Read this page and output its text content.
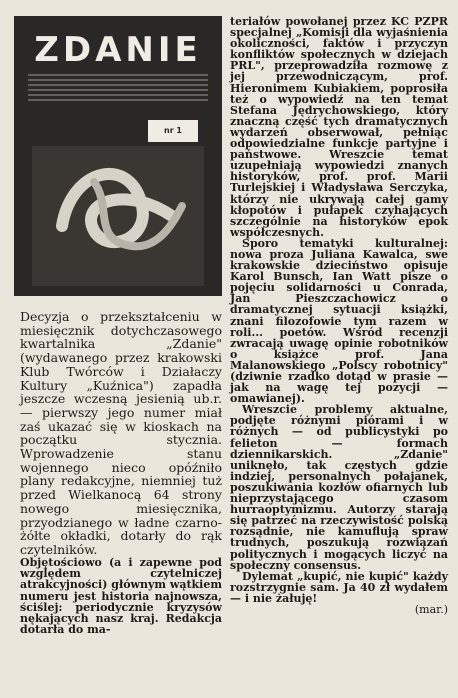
ZDANIE
nr 1

Decyzja o przekształceniu w miesięcznik dotychczasowego kwartalnika „Zdanie" (wydawanego przez krakowski Klub Twórców i Działaczy Kultury „Kuźnica") zapadła jeszcze wczesną jesienią ub.r. — pierwszy jego numer miał zaś ukazać się w kioskach na początku stycznia. Wprowadzenie stanu wojennego nieco opóźniło plany redakcyjne, niemniej tuż przed Wielkanocą 64 strony nowego miesięcznika, przyodzianego w ładne czarno-żółte okładki, dotarły do rąk czytelników.

Objętościowo (a i zapewne pod względem czytelniczej atrakcyjności) głównym wątkiem numeru jest historia najnowsza, ściślej: periodycznie kryzysów nękających nasz kraj. Redakcja dotarła do ma-

teriałów powołanej przez KC PZPR specjalnej „Komisji dla wyjaśnienia okoliczności, faktów i przyczyn konfliktów społecznych w dziejach PRL", przeprowadziła rozmowę z jej przewodniczącym, prof. Hieronimem Kubiakiem, poprosiła też o wypowiedź na ten temat Stefana Jędrychowskiego, który znaczną część tych dramatycznych wydarzeń obserwował, pełniąc odpowiedzialne funkcje partyjne i państwowe. Wreszcie temat uzupełniają wypowiedzi znanych historyków, prof. prof. Marii Turlejskiej i Władysława Serczyka, którzy nie ukrywają całej gamy kłopotów i pułapek czyhających szczególnie na historyków epok współczesnych.

Sporo tematyki kulturalnej: nowa proza Juliana Kawalca, swe krakowskie dzieciństwo opisuje Karol Bunsch, Ian Watt pisze o pojęciu solidarności u Conrada, Jan Pieszczachowicz o dramatycznej sytuacji książki, znani filozofowie tym razem w roli... poetów. Wśród recenzji zwracają uwagę opinie robotników o książce prof. Jana Malanowskiego „Polscy robotnicy" (dziwnie rzadko dotąd w prasie — jak na wagę tej pozycji — omawianej).

Wreszcie problemy aktualne, podjęte różnymi piórami i w różnych — od publicystyki po felieton — formach dziennikarskich. „Zdanie" uniknęło, tak częstych gdzie indziej, personalnych połajanek, poszukiwania kozłów ofiarnych lub nieprzystającego czasom hurraoptymizmu. Autorzy starają się patrzeć na rzeczywistość polską rozsądnie, nie kamuflują spraw trudnych, poszukują rozwiązań politycznych i mogących liczyć na społeczny consensus.

Dylemat „kupić, nie kupić" każdy rozstrzygnie sam. Ja 40 zł wydałem — i nie żałuję!

(mar.)
